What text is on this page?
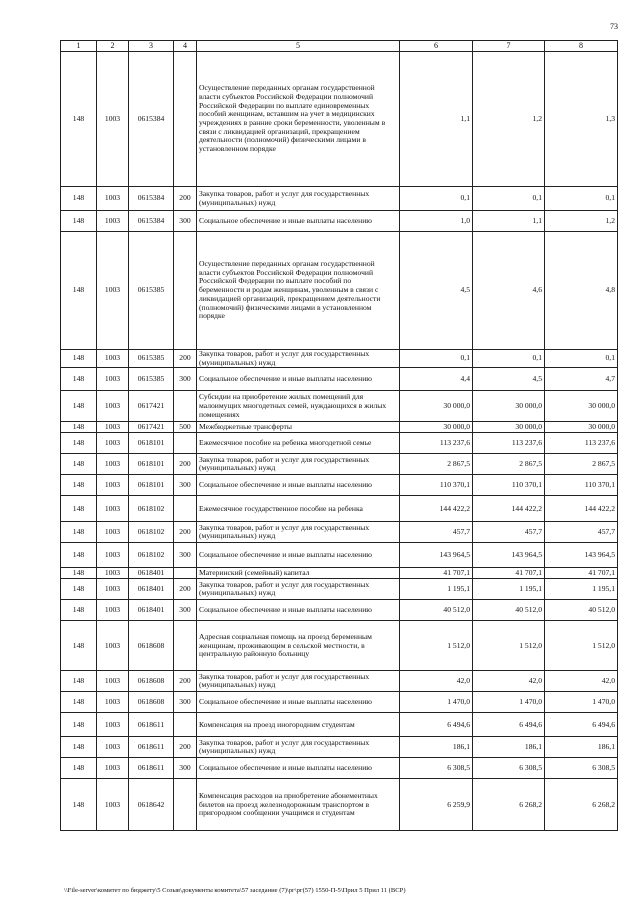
73
1	2	3	4	5	6	7	8
148	1003	0615384		Осуществление переданных органам государственной власти субъектов Российской Федерации полномочий Российской Федерации по выплате единовременных пособий женщинам, вставшим на учет в медицинских учреждениях в ранние сроки беременности, уволенным в связи с ликвидацией организаций, прекращением деятельности (полномочий) физическими лицами в установленном порядке	1,1	1,2	1,3
148	1003	0615384	200	Закупка товаров, работ и услуг для государственных (муниципальных) нужд	0,1	0,1	0,1
148	1003	0615384	300	Социальное обеспечение и иные выплаты населению	1,0	1,1	1,2
148	1003	0615385		Осуществление переданных органам государственной власти субъектов Российской Федерации полномочий Российской Федерации по выплате пособий по беременности и родам женщинам, уволенным в связи с ликвидацией организаций, прекращением деятельности (полномочий) физическими лицами в установленном порядке	4,5	4,6	4,8
148	1003	0615385	200	Закупка товаров, работ и услуг для государственных (муниципальных) нужд	0,1	0,1	0,1
148	1003	0615385	300	Социальное обеспечение и иные выплаты населению	4,4	4,5	4,7
148	1003	0617421		Субсидии на приобретение жилых помещений для малоимущих многодетных семей, нуждающихся в жилых помещениях	30 000,0	30 000,0	30 000,0
148	1003	0617421	500	Межбюджетные трансферты	30 000,0	30 000,0	30 000,0
148	1003	0618101		Ежемесячное пособие на ребенка многодетной семье	113 237,6	113 237,6	113 237,6
148	1003	0618101	200	Закупка товаров, работ и услуг для государственных (муниципальных) нужд	2 867,5	2 867,5	2 867,5
148	1003	0618101	300	Социальное обеспечение и иные выплаты населению	110 370,1	110 370,1	110 370,1
148	1003	0618102		Ежемесячное государственное пособие на ребенка	144 422,2	144 422,2	144 422,2
148	1003	0618102	200	Закупка товаров, работ и услуг для государственных (муниципальных) нужд	457,7	457,7	457,7
148	1003	0618102	300	Социальное обеспечение и иные выплаты населению	143 964,5	143 964,5	143 964,5
148	1003	0618401		Материнский (семейный) капитал	41 707,1	41 707,1	41 707,1
148	1003	0618401	200	Закупка товаров, работ и услуг для государственных (муниципальных) нужд	1 195,1	1 195,1	1 195,1
148	1003	0618401	300	Социальное обеспечение и иные выплаты населению	40 512,0	40 512,0	40 512,0
148	1003	0618608		Адресная социальная помощь на проезд беременным женщинам, проживающим в сельской местности, в центральную районную больницу	1 512,0	1 512,0	1 512,0
148	1003	0618608	200	Закупка товаров, работ и услуг для государственных (муниципальных) нужд	42,0	42,0	42,0
148	1003	0618608	300	Социальное обеспечение и иные выплаты населению	1 470,0	1 470,0	1 470,0
148	1003	0618611		Компенсация на проезд иногородним студентам	6 494,6	6 494,6	6 494,6
148	1003	0618611	200	Закупка товаров, работ и услуг для государственных (муниципальных) нужд	186,1	186,1	186,1
148	1003	0618611	300	Социальное обеспечение и иные выплаты населению	6 308,5	6 308,5	6 308,5
148	1003	0618642		Компенсация расходов на приобретение абонементных билетов на проезд железнодорожным транспортом в пригородном сообщении учащимся и студентам	6 259,9	6 268,2	6 268,2
\\File-server\комитет по бюджету\5 Созыв\документы комитета\57 заседание (7)\рг\рг(57) 1550-П-5\Прил 5 Прил 11 (ВСР)
